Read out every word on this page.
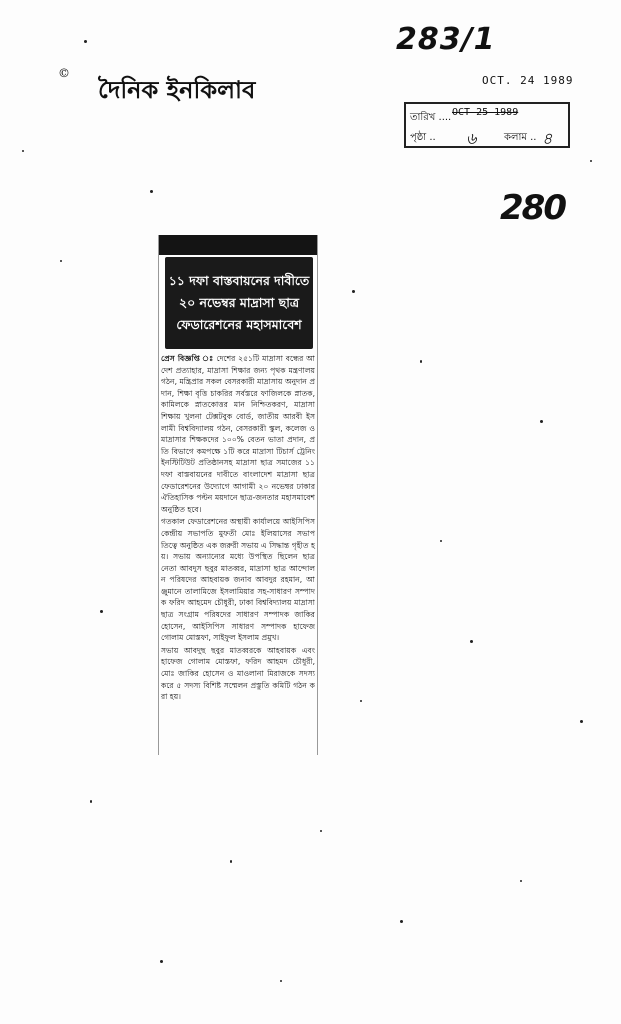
©
দৈনিক ইনকিলাব
283/1
OCT. 24 1989
তারিখ .... OCT 25 1989
পৃষ্ঠা .. ৬	কলাম .. ৪
280
১১ দফা বাস্তবায়নের দাবীতে
২০ নভেম্বর মাদ্রাসা ছাত্র
ফেডারেশনের মহাসমাবেশ

প্রেস বিজ্ঞপ্তি ঃ দেশের ২৫১টি মাদ্রাসা বন্ধের আদেশ প্রত্যাহার, মাদ্রাসা শিক্ষার জন্য পৃথক মন্ত্রণালয় গঠন, মন্ত্রিপ্রার সকল বেসরকারী মাদ্রাসায় অনুদান প্রদান, শিক্ষা বৃত্তি চাকরির সর্বস্তরে ফাজিলকে স্নাতক, কামিলকে স্নাতকোত্তর মান নিশ্চিতকরণ, মাদ্রাসা শিক্ষায় খুলনা টেক্সটবুক বোর্ড, জাতীয় আরবী ইসলামী বিশ্ববিদ্যালয় গঠন, বেসরকারী স্কুল, কলেজ ও মাদ্রাসার শিক্ষকদের ১০০% বেতন ভাতা প্রদান, প্রতি বিভাগে কমপক্ষে ১টি করে মাদ্রাসা টিচার্স ট্রেনিং ইনস্টিটিউট প্রতিষ্ঠানসহ মাদ্রাসা ছাত্র সমাজের ১১ দফা বাস্তবায়নের দাবীতে বাংলাদেশ মাদ্রাসা ছাত্র ফেডারেশনের উদ্যোগে আগামী ২০ নভেম্বর ঢাকার ঐতিহাসিক পল্টন ময়দানে ছাত্র-জনতার মহাসমাবেশ অনুষ্ঠিত হবে।

গতকাল ফেডারেশনের অস্থায়ী কার্যালয়ে আইসিপিস কেন্দ্রীয় সভাপতি মুফতী মোঃ ইলিয়াসের সভাপতিত্বে অনুষ্ঠিত এক জরুরী সভায় এ সিদ্ধান্ত গৃহীত হয়। সভায় অন্যান্যের মধ্যে উপস্থিত ছিলেন ছাত্রনেতা আবদুস ছবুর মাতব্বর, মাদ্রাসা ছাত্র আন্দোলন পরিষদের আহবায়ক জনাব আবদুর রহমান, আঞ্জুমানে তালামিজে ইসলামিয়ার সহ-সাধারণ সম্পাদক ফরিদ আহমেদ চৌধুরী, ঢাকা বিশ্ববিদ্যালয় মাদ্রাসা ছাত্র সংগ্রাম পরিষদের সাধারণ সম্পাদক জাকির হোসেন, আইসিপিস সাধারণ সম্পাদক হাফেজ গোলাম মোস্তফা, সাইফুল ইসলাম প্রমুখ।

সভায় আবদুছ ছবুর মাতব্বরকে আহবায়ক এবং হাফেজ গোলাম মোস্তফা, ফরিদ আহমদ চৌধুরী, মোঃ জাকির হোসেন ও মাওলানা মিরাজকে সদস্য করে ৫ সদস্য বিশিষ্ট সম্মেলন প্রস্তুতি কমিটি গঠন করা হয়।
